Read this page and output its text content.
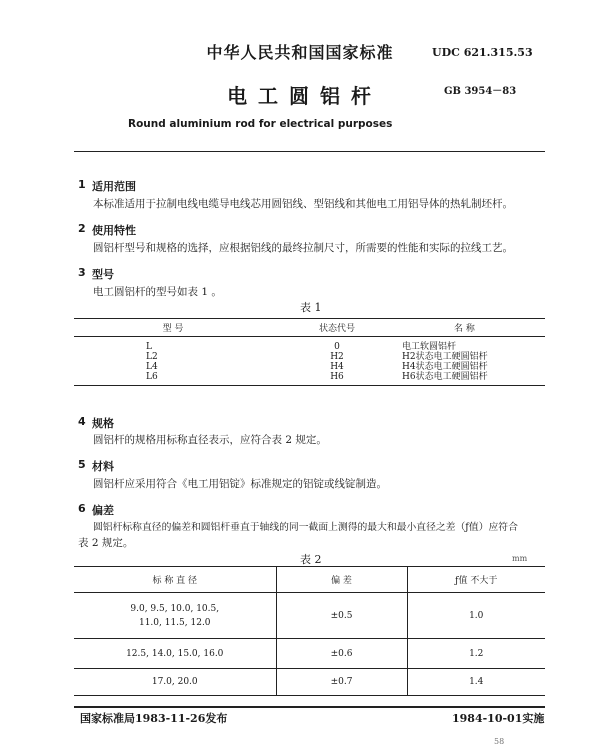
中华人民共和国国家标准	UDC 621.315.53
电 工 圆 铝 杆	GB 3954－83
Round aluminium rod for electrical purposes
1 适用范围
本标准适用于拉制电线电缆导电线芯用圆铝线、型铝线和其他电工用铝导体的热轧制坯杆。
2 使用特性
圆铝杆型号和规格的选择，应根据铝线的最终拉制尺寸，所需要的性能和实际的拉线工艺。
3 型号
电工圆铝杆的型号如表 1 。
表 1
型 号		状态代号	名 称

	L	0	电工软圆铝杆
	L2	H2	H2状态电工硬圆铝杆
	L4	H4	H4状态电工硬圆铝杆
	L6	H6	H6状态电工硬圆铝杆
4 规格
圆铝杆的规格用标称直径表示，应符合表 2 规定。
5 材料
圆铝杆应采用符合《电工用铝锭》标准规定的铝锭或线锭制造。
6 偏差
圆铝杆标称直径的偏差和圆铝杆垂直于轴线的同一截面上测得的最大和最小直径之差（ƒ值）应符合
表 2 规定。
表 2	mm
标 称 直 径	偏 差	ƒ值 不大于

9.0, 9.5, 10.0, 10.5,
11.0, 11.5, 12.0	±0.5	1.0
12.5, 14.0, 15.0, 16.0	±0.6	1.2
17.0, 20.0	±0.7	1.4
国家标准局1983-11-26发布	1984-10-01实施
58
